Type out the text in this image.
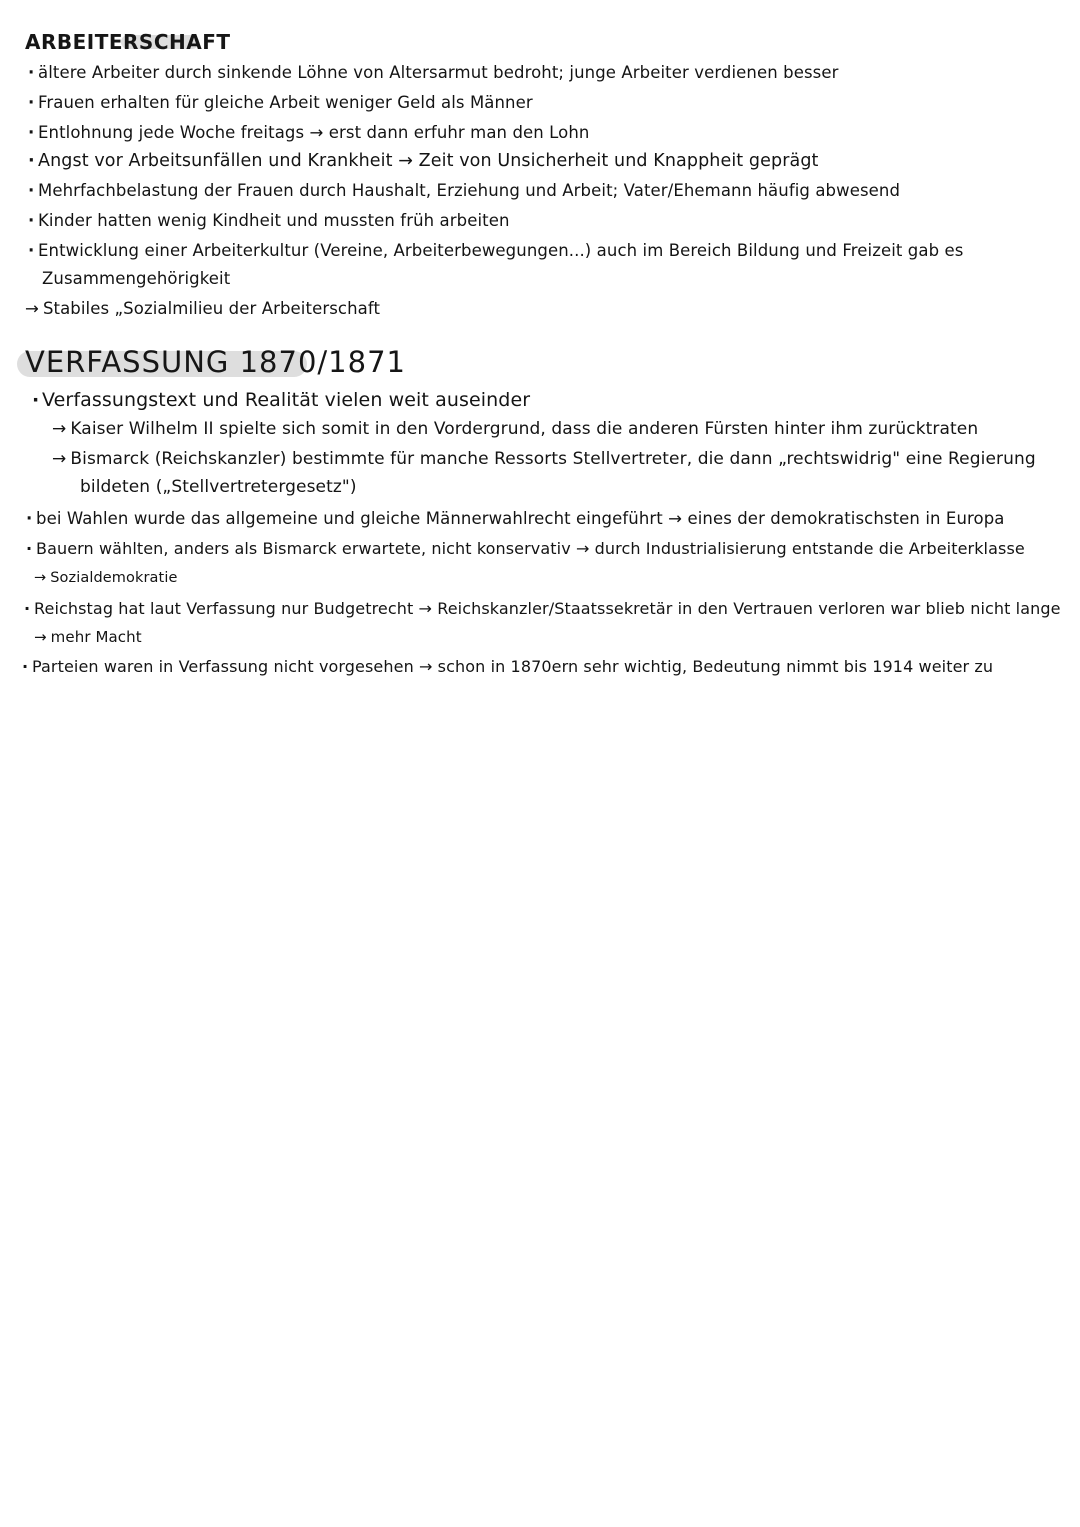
ARBEITERSCHAFT
· ältere Arbeiter durch sinkende Löhne von Altersarmut bedroht; junge Arbeiter verdienen besser
· Frauen erhalten für gleiche Arbeit weniger Geld als Männer
· Entlohnung jede Woche freitags → erst dann erfuhr man den Lohn
· Angst vor Arbeitsunfällen und Krankheit → Zeit von Unsicherheit und Knappheit geprägt
· Mehrfachbelastung der Frauen durch Haushalt, Erziehung und Arbeit; Vater/Ehemann häufig abwesend
· Kinder hatten wenig Kindheit und mussten früh arbeiten
· Entwicklung einer Arbeiterkultur (Vereine, Arbeiterbewegungen...) auch im Bereich Bildung und Freizeit gab es
Zusammengehörigkeit
→ Stabiles „Sozialmilieu der Arbeiterschaft
VERFASSUNG 1870/1871
· Verfassungstext und Realität vielen weit auseinder
→ Kaiser Wilhelm II spielte sich somit in den Vordergrund, dass die anderen Fürsten hinter ihm zurücktraten
→ Bismarck (Reichskanzler) bestimmte für manche Ressorts Stellvertreter, die dann „rechtswidrig" eine Regierung
bildeten („Stellvertretergesetz")
· bei Wahlen wurde das allgemeine und gleiche Männerwahlrecht eingeführt → eines der demokratischsten in Europa
· Bauern wählten, anders als Bismarck erwartete, nicht konservativ → durch Industrialisierung entstande die Arbeiterklasse
→ Sozialdemokratie
· Reichstag hat laut Verfassung nur Budgetrecht → Reichskanzler/Staatssekretär in den Vertrauen verloren war blieb nicht lange
→ mehr Macht
· Parteien waren in Verfassung nicht vorgesehen → schon in 1870ern sehr wichtig, Bedeutung nimmt bis 1914 weiter zu
